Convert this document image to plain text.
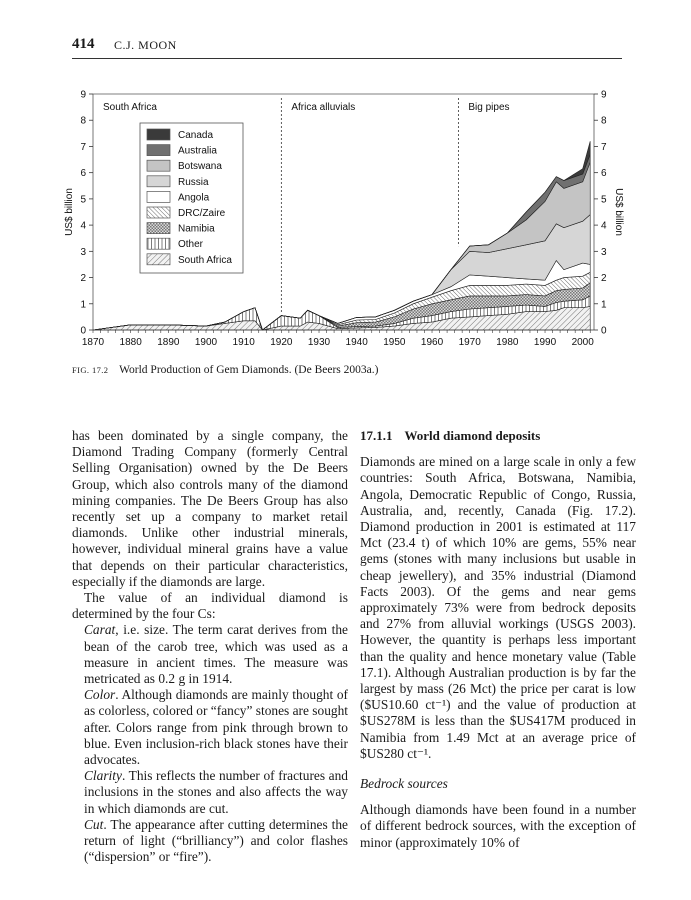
414 C.J. MOON
0	0
1	1
2	2
3	3
4	4
5	5
6	6
7	7
8	8
9	9
1870 1880 1890 1900 1910 1920 1930 1940 1950 1960 1970 1980 1990 2000
US$ billion	US$ billion
South Africa	Africa alluvials	Big pipes
Canada
Australia
Botswana
Russia
Angola
DRC/Zaire
Namibia
Other
South Africa
FIG. 17.2 World Production of Gem Diamonds. (De Beers 2003a.)

has been dominated by a single company, the Diamond Trading Company (formerly Central Selling Organisation) owned by the De Beers Group, which also controls many of the diamond mining companies. The De Beers Group has also recently set up a company to market retail diamonds. Unlike other industrial minerals, however, individual mineral grains have a value that depends on their particular characteristics, especially if the diamonds are large.

The value of an individual diamond is determined by the four Cs:

Carat, i.e. size. The term carat derives from the bean of the carob tree, which was used as a measure in ancient times. The measure was metricated as 0.2 g in 1914.

Color. Although diamonds are mainly thought of as colorless, colored or “fancy” stones are sought after. Colors range from pink through brown to blue. Even inclusion-rich black stones have their advocates.

Clarity. This reflects the number of fractures and inclusions in the stones and also affects the way in which diamonds are cut.

Cut. The appearance after cutting determines the return of light (“brilliancy”) and color flashes (“dispersion” or “fire”).

17.1.1 World diamond deposits

Diamonds are mined on a large scale in only a few countries: South Africa, Botswana, Namibia, Angola, Democratic Republic of Congo, Russia, Australia, and, recently, Canada (Fig. 17.2). Diamond production in 2001 is estimated at 117 Mct (23.4 t) of which 10% are gems, 55% near gems (stones with many inclusions but usable in cheap jewellery), and 35% industrial (Diamond Facts 2003). Of the gems and near gems approximately 73% were from bedrock deposits and 27% from alluvial workings (USGS 2003). However, the quantity is perhaps less important than the quality and hence monetary value (Table 17.1). Although Australian production is by far the largest by mass (26 Mct) the price per carat is low ($US10.60 ct⁻¹) and the value of production at $US278M is less than the $US417M produced in Namibia from 1.49 Mct at an average price of $US280 ct⁻¹.

Bedrock sources

Although diamonds have been found in a number of different bedrock sources, with the exception of minor (approximately 10% of
